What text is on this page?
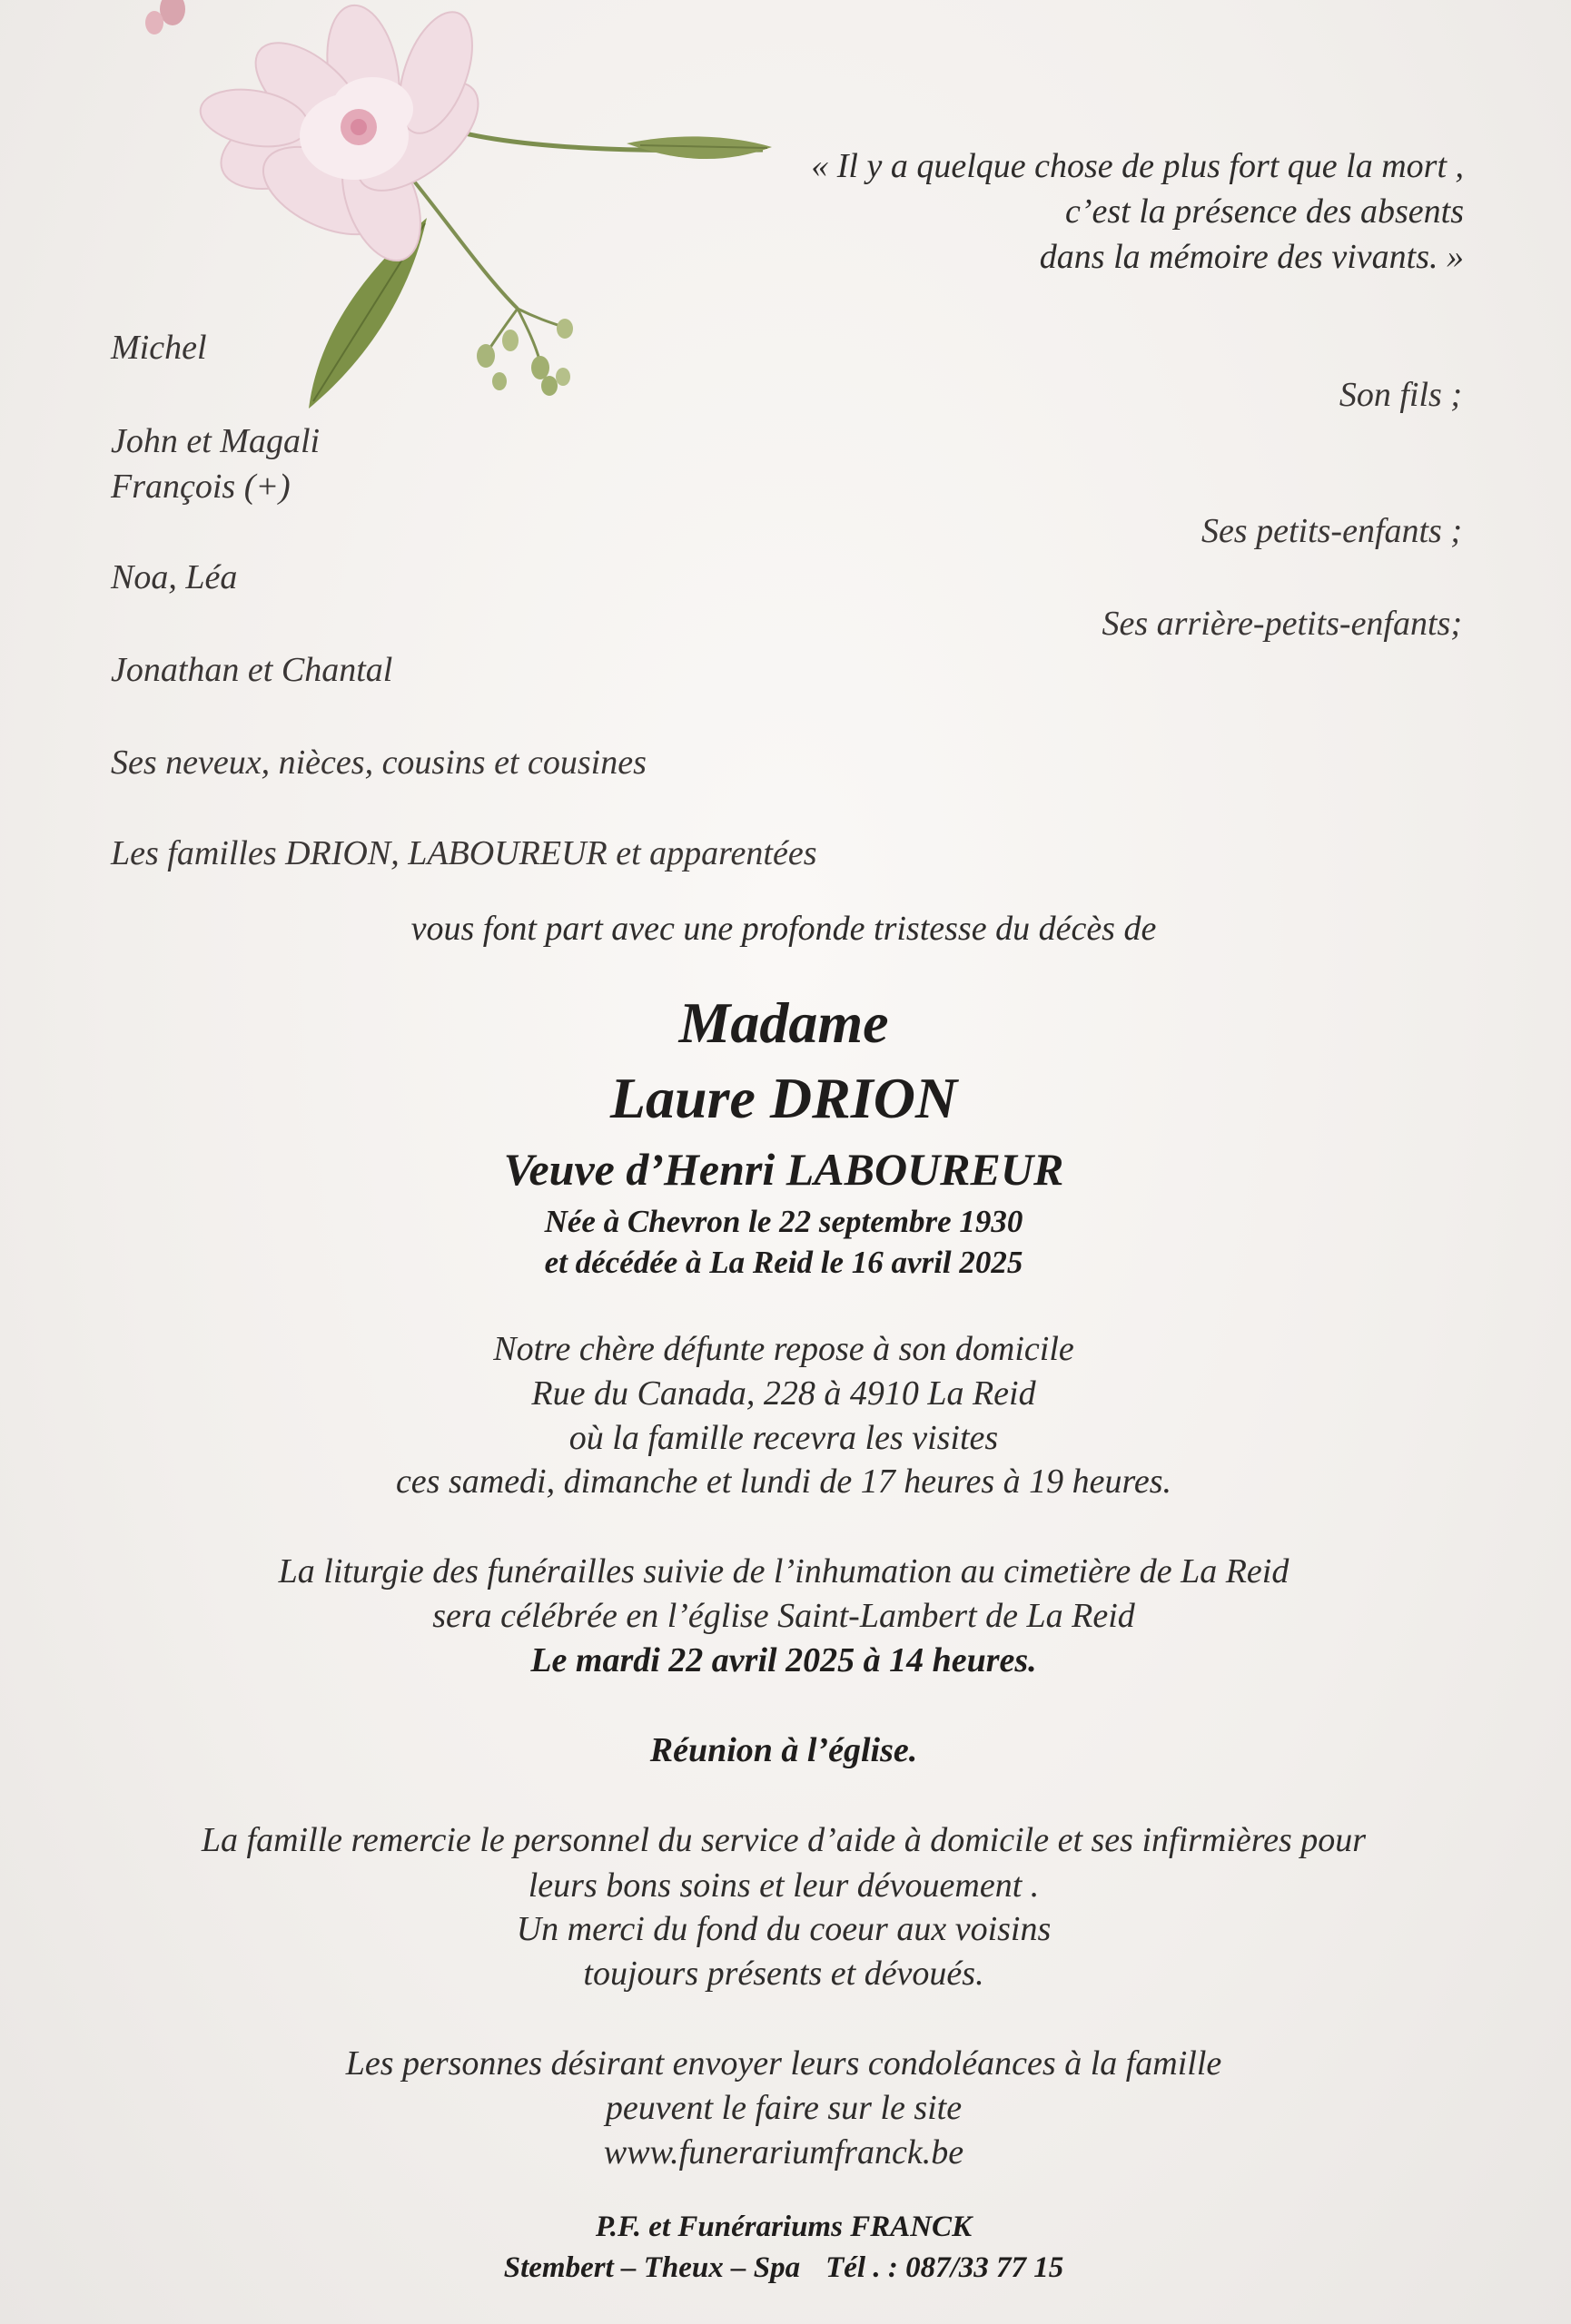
« Il y a quelque chose de plus fort que la mort ,
c’est la présence des absents
dans la mémoire des vivants. »
Michel
Son fils ;
John et Magali
François (+)
Ses petits-enfants ;
Noa, Léa
Ses arrière-petits-enfants;
Jonathan et Chantal
Ses neveux, nièces, cousins et cousines
Les familles DRION, LABOUREUR et apparentées
vous font part avec une profonde tristesse du décès de
Madame
Laure DRION
Veuve d’Henri LABOUREUR
Née à Chevron le 22 septembre 1930
et décédée à La Reid le 16 avril 2025
Notre chère défunte repose à son domicile
Rue du Canada, 228 à 4910 La Reid
où la famille recevra les visites
ces samedi, dimanche et lundi de 17 heures à 19 heures.
La liturgie des funérailles suivie de l’inhumation au cimetière de La Reid
sera célébrée en l’église Saint-Lambert de La Reid
Le mardi 22 avril 2025 à 14 heures.
Réunion à l’église.
La famille remercie le personnel du service d’aide à domicile et ses infirmières pour
leurs bons soins et leur dévouement .
Un merci du fond du coeur aux voisins
toujours présents et dévoués.
Les personnes désirant envoyer leurs condoléances à la famille
peuvent le faire sur le site
www.funerariumfranck.be
P.F. et Funérariums FRANCK
Stembert – Theux – Spa Tél . : 087/33 77 15
